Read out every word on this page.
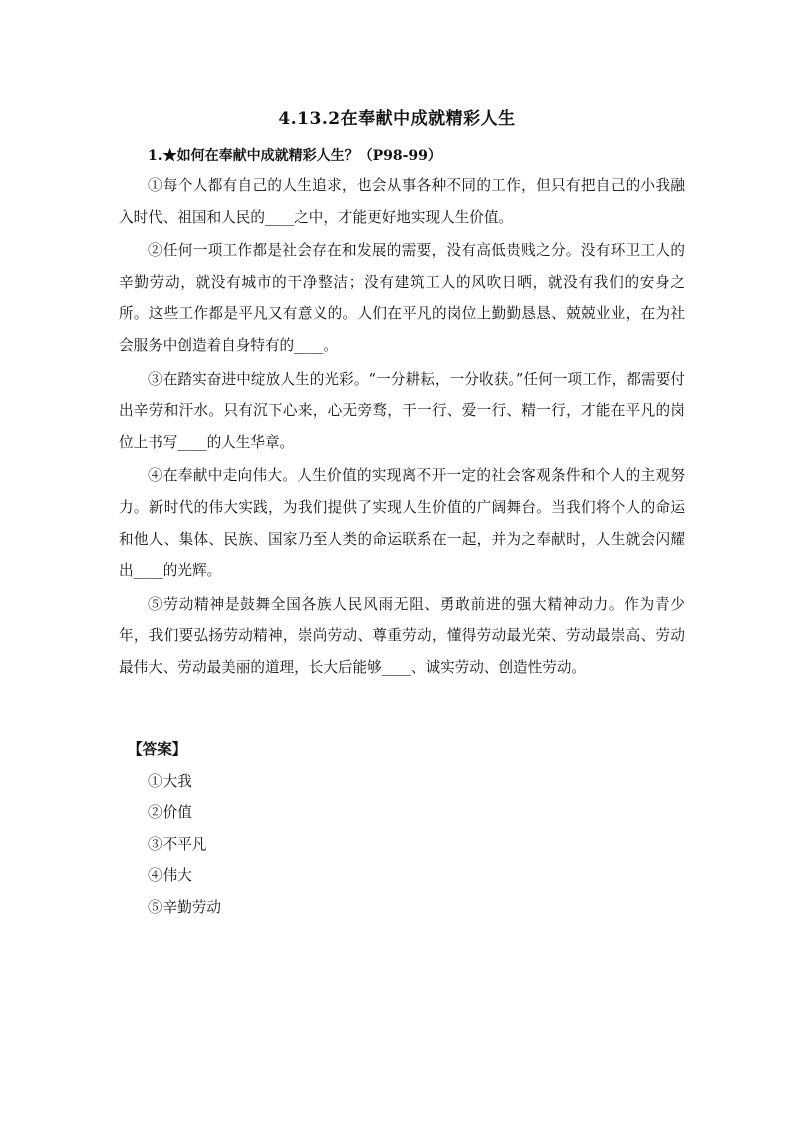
4.13.2在奉献中成就精彩人生
1.★如何在奉献中成就精彩人生？（P98-99）

①每个人都有自己的人生追求，也会从事各种不同的工作，但只有把自己的小我融入时代、祖国和人民的____之中，才能更好地实现人生价值。

②任何一项工作都是社会存在和发展的需要，没有高低贵贱之分。没有环卫工人的辛勤劳动，就没有城市的干净整洁；没有建筑工人的风吹日晒，就没有我们的安身之所。这些工作都是平凡又有意义的。人们在平凡的岗位上勤勤恳恳、兢兢业业，在为社会服务中创造着自身特有的____。

③在踏实奋进中绽放人生的光彩。“一分耕耘，一分收获。”任何一项工作，都需要付出辛劳和汗水。只有沉下心来，心无旁骛，干一行、爱一行、精一行，才能在平凡的岗位上书写____的人生华章。

④在奉献中走向伟大。人生价值的实现离不开一定的社会客观条件和个人的主观努力。新时代的伟大实践，为我们提供了实现人生价值的广阔舞台。当我们将个人的命运和他人、集体、民族、国家乃至人类的命运联系在一起，并为之奉献时，人生就会闪耀出____的光辉。

⑤劳动精神是鼓舞全国各族人民风雨无阻、勇敢前进的强大精神动力。作为青少年，我们要弘扬劳动精神，崇尚劳动、尊重劳动，懂得劳动最光荣、劳动最崇高、劳动最伟大、劳动最美丽的道理，长大后能够____、诚实劳动、创造性劳动。

【答案】

①大我

②价值

③不平凡

④伟大

⑤辛勤劳动
